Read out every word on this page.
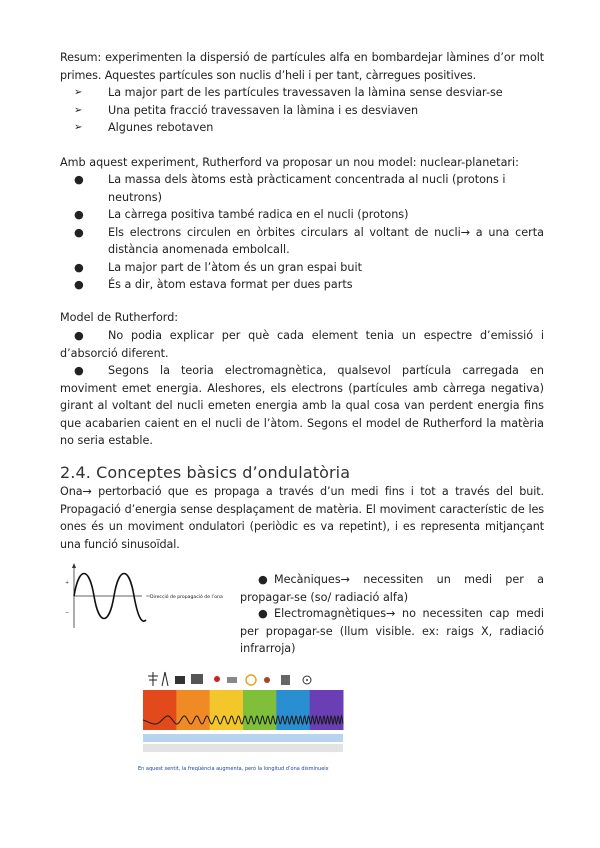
Resum: experimenten la dispersió de partícules alfa en bombardejar làmines d’or molt primes. Aquestes partícules son nuclis d’heli i per tant, càrregues positives.
➢ La major part de les partícules travessaven la làmina sense desviar-se
➢ Una petita fracció travessaven la làmina i es desviaven
➢ Algunes rebotaven
Amb aquest experiment, Rutherford va proposar un nou model: nuclear-planetari:
● La massa dels àtoms està pràcticament concentrada al nucli (protons i neutrons)
● La càrrega positiva també radica en el nucli (protons)
● Els electrons circulen en òrbites circulars al voltant de nucli→ a una certa distància anomenada embolcall.
● La major part de l’àtom és un gran espai buit
● És a dir, àtom estava format per dues parts
Model de Rutherford:
● No podia explicar per què cada element tenia un espectre d’emissió i d’absorció diferent.
● Segons la teoria electromagnètica, qualsevol partícula carregada en moviment emet energia. Aleshores, els electrons (partícules amb càrrega negativa) girant al voltant del nucli emeten energia amb la qual cosa van perdent energia fins que acabarien caient en el nucli de l’àtom. Segons el model de Rutherford la matèria no seria estable.
2.4. Conceptes bàsics d’ondulatòria
Ona→ pertorbació que es propaga a través d’un medi fins i tot a través del buit. Propagació d’energia sense desplaçament de matèria. El moviment característic de les ones és un moviment ondulatori (periòdic es va repetint), i es representa mitjançant una funció sinusoïdal.
Direcció de propagació de l’ona
+
−
● Mecàniques→ necessiten un medi per a propagar-se (so/ radiació alfa)
● Electromagnètiques→ no necessiten cap medi per propagar-se (llum visible. ex: raigs X, radiació infrarroja)
En aquest sentit, la freqüència augmenta, però la longitud d’ona disminueix
